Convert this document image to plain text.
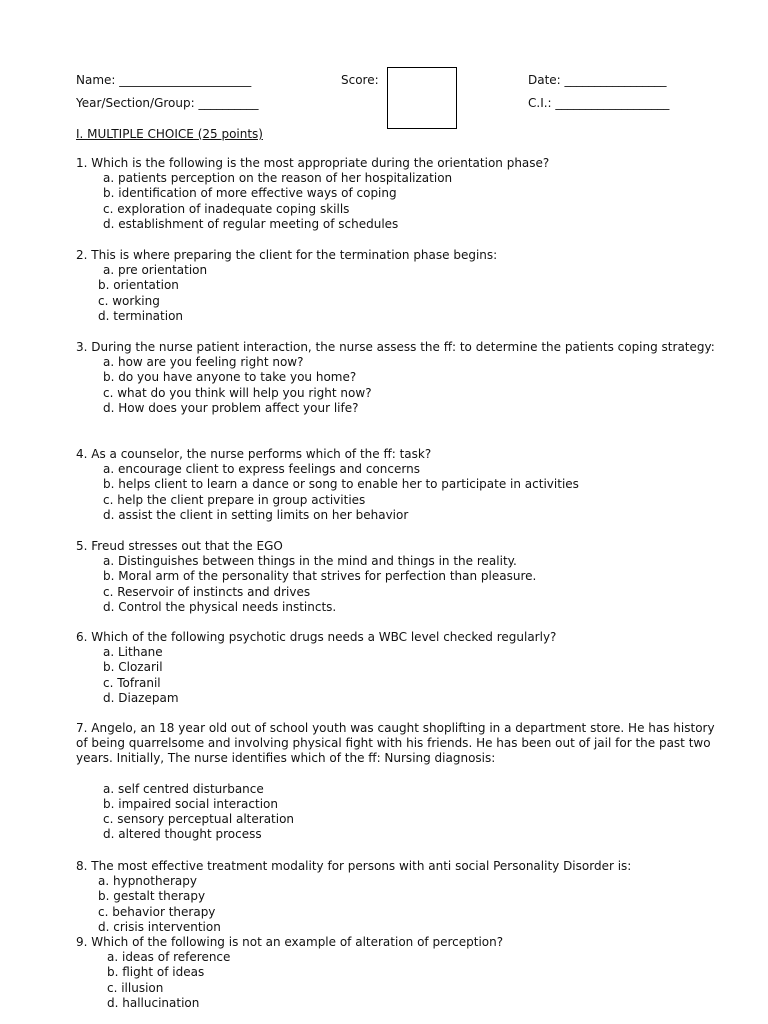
Name: ______________________	Score:	Date: _________________
Year/Section/Group: __________	C.I.: ___________________
I. MULTIPLE CHOICE (25 points)
1. Which is the following is the most appropriate during the orientation phase?
a. patients perception on the reason of her hospitalization
b. identification of more effective ways of coping
c. exploration of inadequate coping skills
d. establishment of regular meeting of schedules
2. This is where preparing the client for the termination phase begins:
a. pre orientation
b. orientation
c. working
d. termination
3. During the nurse patient interaction, the nurse assess the ff: to determine the patients coping strategy:
a. how are you feeling right now?
b. do you have anyone to take you home?
c. what do you think will help you right now?
d. How does your problem affect your life?
4. As a counselor, the nurse performs which of the ff: task?
a. encourage client to express feelings and concerns
b. helps client to learn a dance or song to enable her to participate in activities
c. help the client prepare in group activities
d. assist the client in setting limits on her behavior
5. Freud stresses out that the EGO
a. Distinguishes between things in the mind and things in the reality.
b. Moral arm of the personality that strives for perfection than pleasure.
c. Reservoir of instincts and drives
d. Control the physical needs instincts.
6. Which of the following psychotic drugs needs a WBC level checked regularly?
a. Lithane
b. Clozaril
c. Tofranil
d. Diazepam
7. Angelo, an 18 year old out of school youth was caught shoplifting in a department store. He has history of being quarrelsome and involving physical fight with his friends. He has been out of jail for the past two years. Initially, The nurse identifies which of the ff: Nursing diagnosis:
a. self centred disturbance
b. impaired social interaction
c. sensory perceptual alteration
d. altered thought process
8. The most effective treatment modality for persons with anti social Personality Disorder is:
a. hypnotherapy
b. gestalt therapy
c. behavior therapy
d. crisis intervention
9. Which of the following is not an example of alteration of perception?
a. ideas of reference
b. flight of ideas
c. illusion
d. hallucination
